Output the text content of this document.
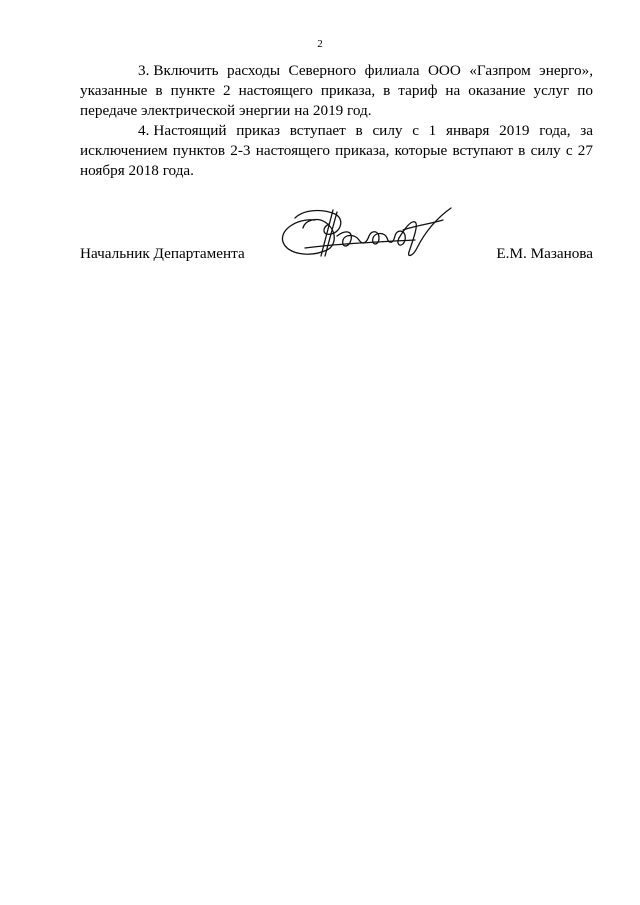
2

3. Включить расходы Северного филиала ООО «Газпром энерго», указанные в пункте 2 настоящего приказа, в тариф на оказание услуг по передаче электрической энергии на 2019 год.

4. Настоящий приказ вступает в силу с 1 января 2019 года, за исключением пунктов 2-3 настоящего приказа, которые вступают в силу с 27 ноября 2018 года.

Начальник Департамента	Е.М. Мазанова
